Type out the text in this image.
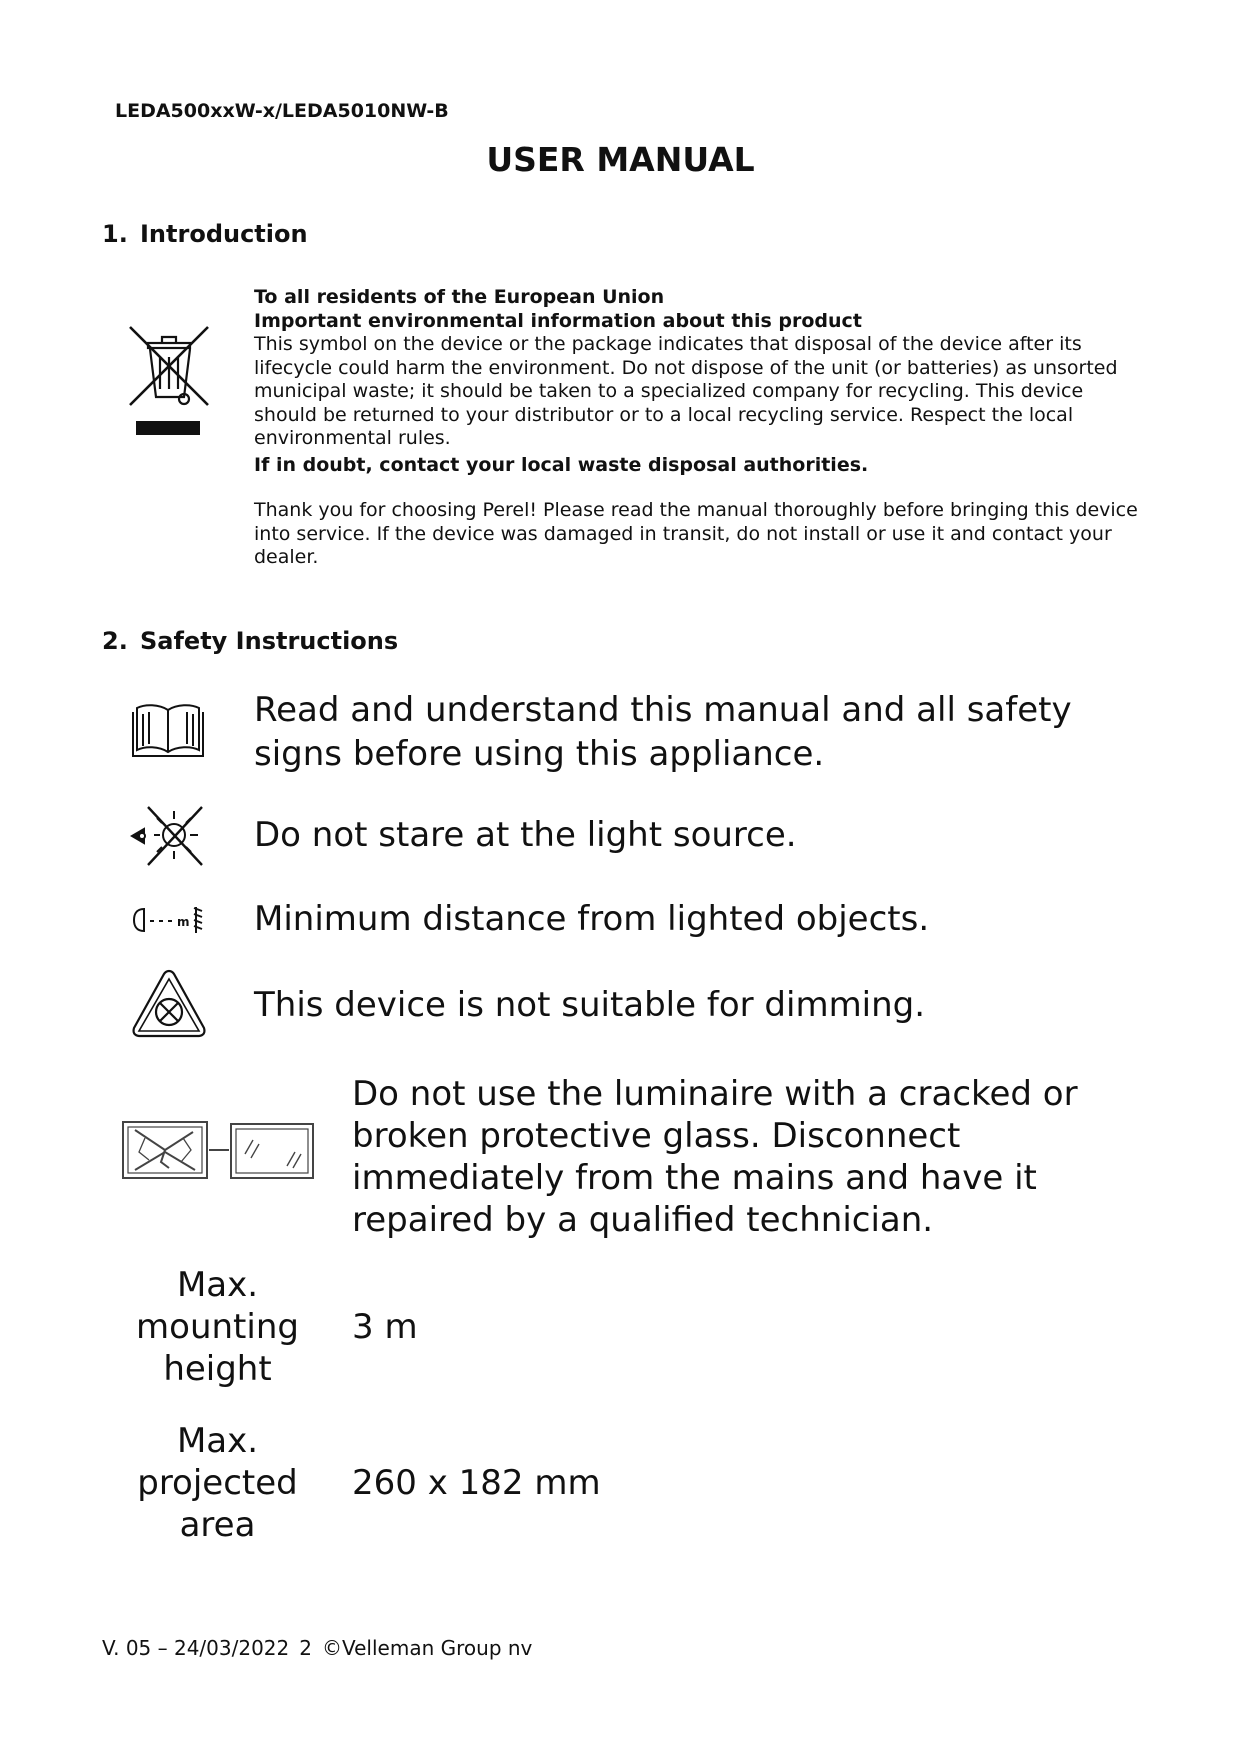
LEDA500xxW-x/LEDA5010NW-B
USER MANUAL
1. Introduction

To all residents of the European Union

Important environmental information about this product

This symbol on the device or the package indicates that disposal of the device after its lifecycle could harm the environment. Do not dispose of the unit (or batteries) as unsorted municipal waste; it should be taken to a specialized company for recycling. This device should be returned to your distributor or to a local recycling service. Respect the local environmental rules.

If in doubt, contact your local waste disposal authorities.

Thank you for choosing Perel! Please read the manual thoroughly before bringing this device into service. If the device was damaged in transit, do not install or use it and contact your dealer.

2. Safety Instructions
Read and understand this manual and all safety signs before using this appliance.
Do not stare at the light source.
m Minimum distance from lighted objects.
This device is not suitable for dimming.
Do not use the luminaire with a cracked or broken protective glass. Disconnect immediately from the mains and have it repaired by a qualified technician.
Max.
mounting
height
3 m
Max.
projected
area
260 x 182 mm
V. 05 – 24/03/2022 2 ©Velleman Group nv
